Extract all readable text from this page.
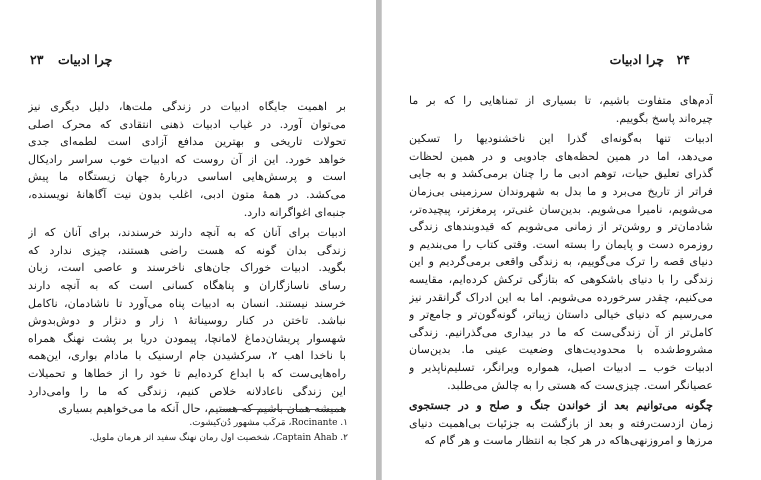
۲۳ چرا ادبیات
بر اهمیت جایگاه ادبیات در زندگی ملت‌ها، دلیل دیگری نیز
می‌توان آورد. در غیاب ادبیات ذهنی انتقادی که محرک اصلی
تحولات تاریخی و بهترین مدافع آزادی است لطمه‌ای جدی
خواهد خورد. این از آن روست که ادبیات خوب سراسر رادیکال
است و پرسش‌هایی اساسی دربارهٔ جهان زیستگاه ما پیش
می‌کشد. در همهٔ متون ادبی، اغلب بدون نیت آگاهانهٔ نویسنده،
جنبه‌ای اغواگرانه دارد.
ادبیات برای آنان که به آنچه دارند خرسندند، برای آنان که از
زندگی بدان گونه که هست راضی هستند، چیزی ندارد که
بگوید. ادبیات خوراک جان‌های ناخرسند و عاصی است، زبان
رسای ناسازگاران و پناهگاه کسانی است که به آنچه دارند
خرسند نیستند. انسان به ادبیات پناه می‌آورد تا ناشادمان، ناکامل
نباشد. تاختن در کنار روسیناتهٔ ۱ زار و دنژار و دوش‌بدوش
شهسوار پریشان‌دماغ لامانچا، پیمودن دریا بر پشت نهنگ همراه
با ناخدا اهب ۲، سرکشیدن جام ارسنیک با مادام بواری، این‌همه
راه‌هایی‌ست که با ابداع کرده‌ایم تا خود را از خطاها و تحمیلات
این زندگی ناعادلانه خلاص کنیم، زندگی که ما را وامی‌دارد
همیشه همان باشیم که هستیم، حال آنکه ما می‌خواهیم بسیاری
۱. Rocinante، مَرکَب مشهور دُن‌کیشوت.
۲. Captain Ahab، شخصیت اول رمان نهنگ سفید اثر هرمان ملویل.
۲۴
چرا ادبیات
آدم‌های متفاوت باشیم، تا بسیاری از تمناهایی را که بر ما
چیره‌اند پاسخ بگوییم.
ادبیات تنها به‌گونه‌ای گذرا این ناخشنودیها را تسکین
می‌دهد، اما در همین لحظه‌های جادویی و در همین لحظات
گذرای تعلیق حیات، توهم ادبی ما را چنان برمی‌کشد و به جایی
فراتر از تاریخ می‌برد و ما بدل به شهروندان سرزمینی بی‌زمان
می‌شویم، نامیرا می‌شویم. بدین‌سان غنی‌تر، پرمغزتر، پیچیده‌تر،
شادمان‌تر و روشن‌تر از زمانی می‌شویم که قیدوبندهای زندگی
روزمره دست و پایمان را بسته است. وقتی کتاب را می‌بندیم و
دنیای قصه را ترک می‌گوییم، به زندگی واقعی برمی‌گردیم و این
زندگی را با دنیای باشکوهی که بتازگی ترکش کرده‌ایم، مقایسه
می‌کنیم، چقدر سرخورده می‌شویم. اما به این ادراک گرانقدر نیز
می‌رسیم که دنیای خیالی داستان زیباتر، گونه‌گون‌تر و جامع‌تر و
کامل‌تر از آن زندگی‌ست که ما در بیداری می‌گذرانیم. زندگی
مشروط‌شده با محدودیت‌های وضعیت عینی ما. بدین‌سان
ادبیات خوب ــ ادبیات اصیل، همواره ویرانگر، تسلیم‌ناپذیر و
عصیانگر است. چیزی‌ست که هستی را به چالش می‌طلبد.
چگونه می‌توانیم بعد از خواندن جنگ و صلح و در جستجوی
زمان ازدست‌رفته و بعد از بازگشت به جزئیات بی‌اهمیت دنیای
مرزها و امروزنهی‌هاکه در هر کجا به انتظار ماست و هر گام که
